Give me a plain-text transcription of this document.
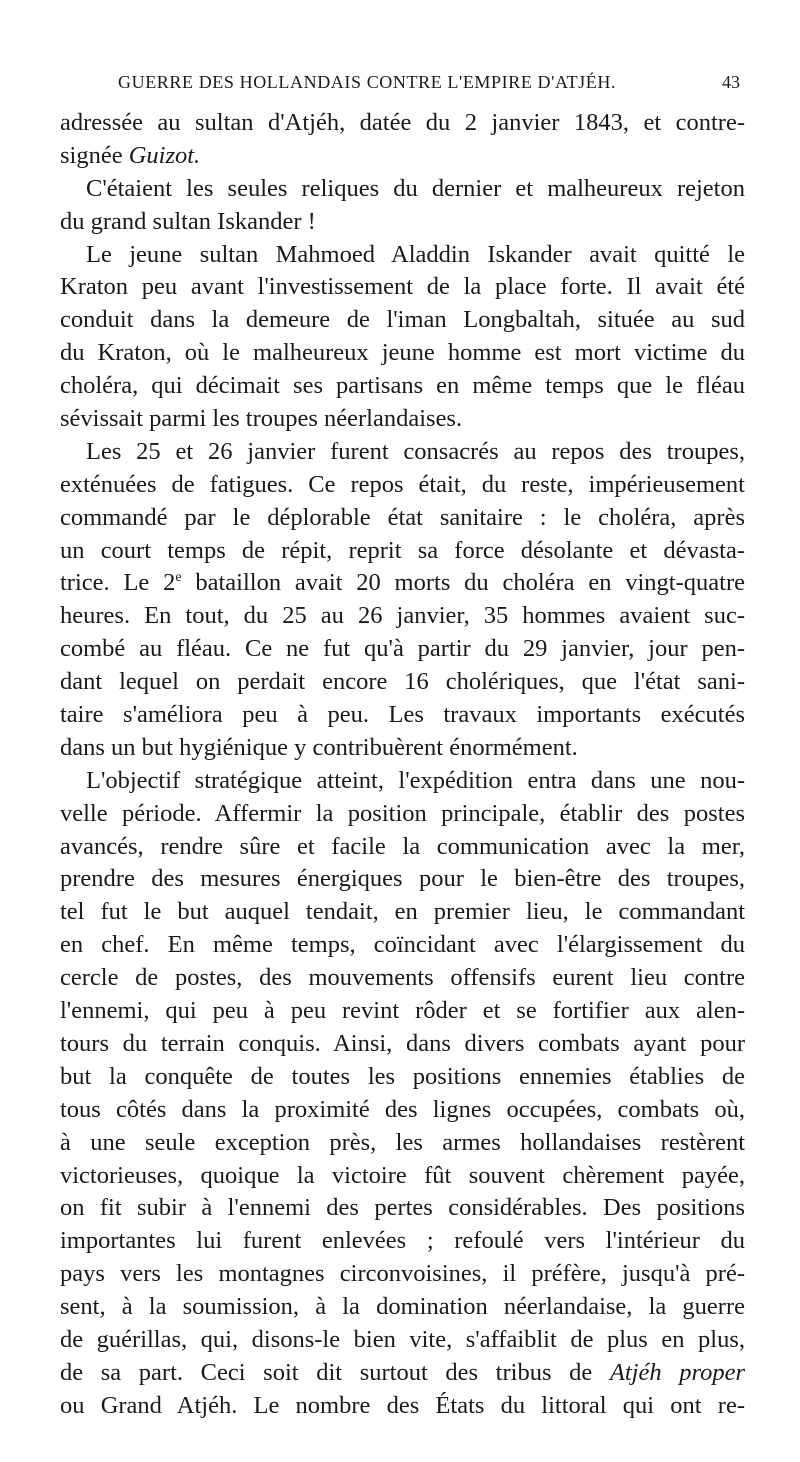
GUERRE DES HOLLANDAIS CONTRE L'EMPIRE D'ATJÉH.	43
adressée au sultan d'Atjéh, datée du 2 janvier 1843, et contre-
signée Guizot.
C'étaient les seules reliques du dernier et malheureux rejeton
du grand sultan Iskander !
Le jeune sultan Mahmoed Aladdin Iskander avait quitté le
Kraton peu avant l'investissement de la place forte. Il avait été
conduit dans la demeure de l'iman Longbaltah, située au sud
du Kraton, où le malheureux jeune homme est mort victime du
choléra, qui décimait ses partisans en même temps que le fléau
sévissait parmi les troupes néerlandaises.
Les 25 et 26 janvier furent consacrés au repos des troupes,
exténuées de fatigues. Ce repos était, du reste, impérieusement
commandé par le déplorable état sanitaire : le choléra, après
un court temps de répit, reprit sa force désolante et dévasta-
trice. Le 2e bataillon avait 20 morts du choléra en vingt-quatre
heures. En tout, du 25 au 26 janvier, 35 hommes avaient suc-
combé au fléau. Ce ne fut qu'à partir du 29 janvier, jour pen-
dant lequel on perdait encore 16 cholériques, que l'état sani-
taire s'améliora peu à peu. Les travaux importants exécutés
dans un but hygiénique y contribuèrent énormément.
L'objectif stratégique atteint, l'expédition entra dans une nou-
velle période. Affermir la position principale, établir des postes
avancés, rendre sûre et facile la communication avec la mer,
prendre des mesures énergiques pour le bien-être des troupes,
tel fut le but auquel tendait, en premier lieu, le commandant
en chef. En même temps, coïncidant avec l'élargissement du
cercle de postes, des mouvements offensifs eurent lieu contre
l'ennemi, qui peu à peu revint rôder et se fortifier aux alen-
tours du terrain conquis. Ainsi, dans divers combats ayant pour
but la conquête de toutes les positions ennemies établies de
tous côtés dans la proximité des lignes occupées, combats où,
à une seule exception près, les armes hollandaises restèrent
victorieuses, quoique la victoire fût souvent chèrement payée,
on fit subir à l'ennemi des pertes considérables. Des positions
importantes lui furent enlevées ; refoulé vers l'intérieur du
pays vers les montagnes circonvoisines, il préfère, jusqu'à pré-
sent, à la soumission, à la domination néerlandaise, la guerre
de guérillas, qui, disons-le bien vite, s'affaiblit de plus en plus,
de sa part. Ceci soit dit surtout des tribus de Atjéh proper
ou Grand Atjéh. Le nombre des États du littoral qui ont re-
